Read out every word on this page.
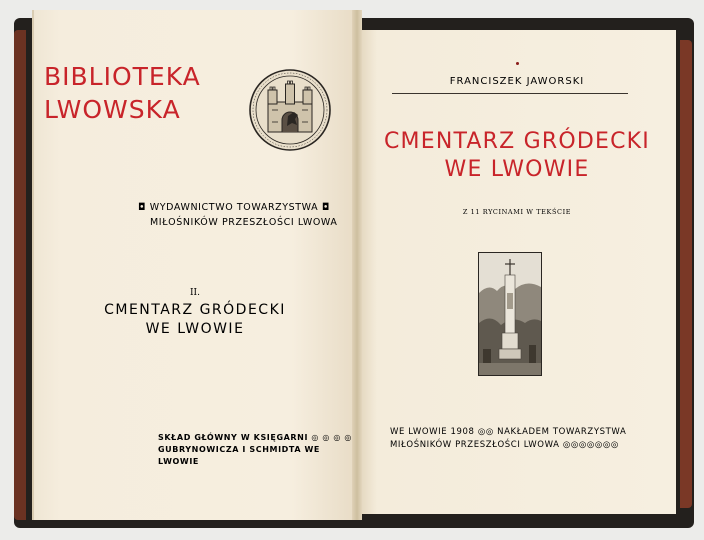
BIBLIOTEKA
LWOWSKA
◘ WYDAWNICTWO TOWARZYSTWA ◘
MIŁOŚNIKÓW PRZESZŁOŚCI LWOWA
II.
CMENTARZ GRÓDECKI
WE LWOWIE
SKŁAD GŁÓWNY W KSIĘGARNI ◎ ◎ ◎ ◎
GUBRYNOWICZA I SCHMIDTA WE LWOWIE
FRANCISZEK JAWORSKI
CMENTARZ GRÓDECKI
WE LWOWIE
Z 11 RYCINAMI W TEKŚCIE
WE LWOWIE 1908 ◎◎ NAKŁADEM TOWARZYSTWA
MIŁOŚNIKÓW PRZESZŁOŚCI LWOWA ◎◎◎◎◎◎◎
